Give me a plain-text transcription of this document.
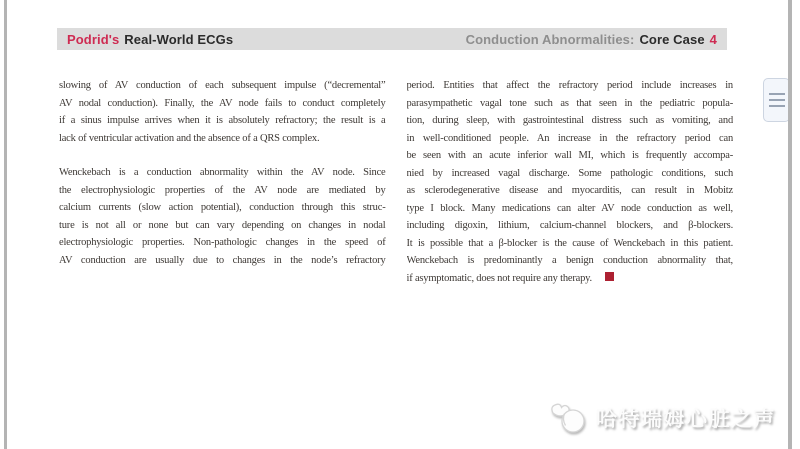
Podrid's Real-World ECGs	Conduction Abnormalities: Core Case 4
slowing of AV conduction of each subsequent impulse (“decremental”
AV nodal conduction). Finally, the AV node fails to conduct completely
if a sinus impulse arrives when it is absolutely refractory; the result is a
lack of ventricular activation and the absence of a QRS complex.
Wenckebach is a conduction abnormality within the AV node. Since
the electrophysiologic properties of the AV node are mediated by
calcium currents (slow action potential), conduction through this struc-
ture is not all or none but can vary depending on changes in nodal
electrophysiologic properties. Non-pathologic changes in the speed of
AV conduction are usually due to changes in the node’s refractory
period. Entities that affect the refractory period include increases in
parasympathetic vagal tone such as that seen in the pediatric popula-
tion, during sleep, with gastrointestinal distress such as vomiting, and
in well-conditioned people. An increase in the refractory period can
be seen with an acute inferior wall MI, which is frequently accompa-
nied by increased vagal discharge. Some pathologic conditions, such
as sclerodegenerative disease and myocarditis, can result in Mobitz
type I block. Many medications can alter AV node conduction as well,
including digoxin, lithium, calcium-channel blockers, and β-blockers.
It is possible that a β-blocker is the cause of Wenckebach in this patient.
Wenckebach is predominantly a benign conduction abnormality that,
if asymptomatic, does not require any therapy.
哈特瑞姆心脏之声
